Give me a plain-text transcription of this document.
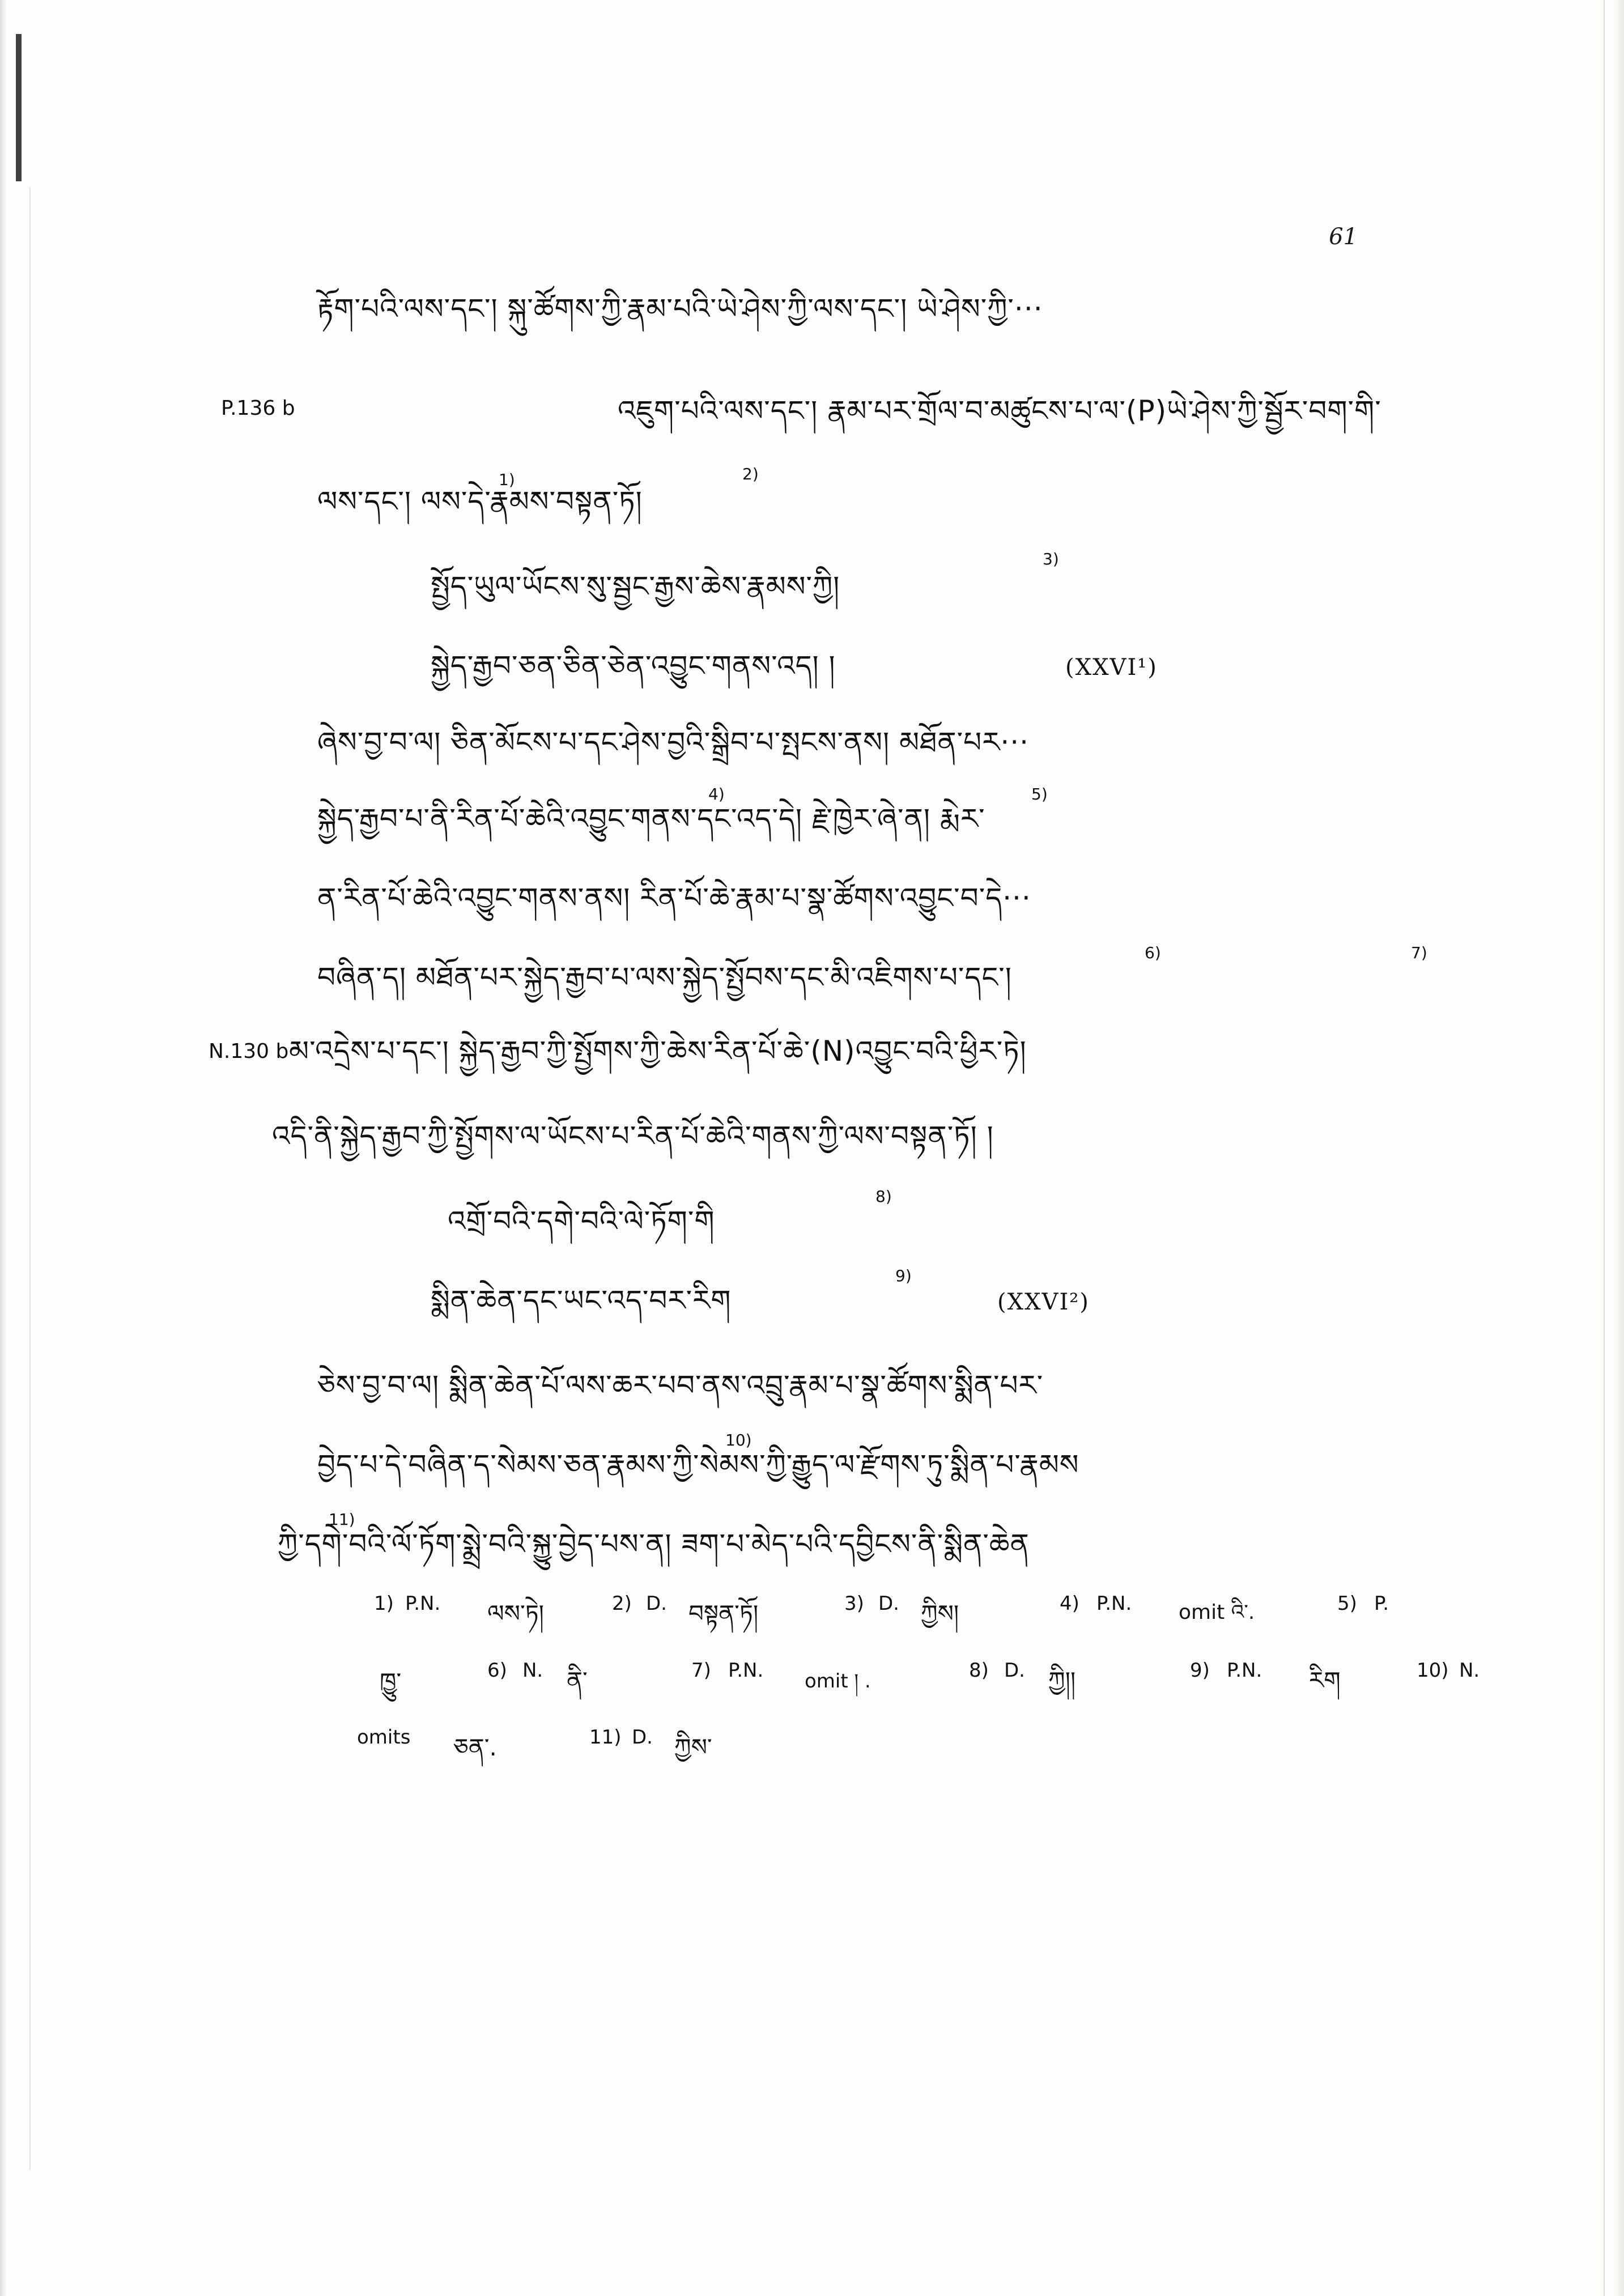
61
P.136 b
N.130 b
རྟོག་པའི་ལས་དང་། སྐུ་ཚོགས་ཀྱི་རྣམ་པའི་ཡེ་ཤེས་ཀྱི་ལས་དང་། ཡེ་ཤེས་ཀྱི་···
འཇུག་པའི་ལས་དང་། རྣམ་པར་གྲོལ་བ་མཚུངས་པ་ལ་(P)ཡེ་ཤེས་ཀྱི་སྦྱོར་བག་གི་
ལས་དང་། ལས་དེ་རྣམས་བསྟན་ཏོ།
1)	2)
སྤྱོད་ཡུལ་ཡོངས་སུ་སྦྱང་རྒྱས་ཆེས་རྣམས་ཀྱི།
3)
སྐྱེད་རྒྱབ་ཅན་ཅིན་ཅེན་འབྱུང་གནས་འད། །	(XXVI¹)
ཞེས་བྱ་བ་ལ། ཅིན་མོངས་པ་དང་ཤེས་བྱའི་སྒྲིབ་པ་སྤངས་ནས། མཐོན་པར···
སྐྱེད་རྒྱབ་པ་ནི་རིན་པོ་ཆེའི་འབྱུང་གནས་དང་འད་དེ། རྗེ་ཁྱེར་ཞེ་ན། རྨེར་
4)	5)
ན་རིན་པོ་ཆེའི་འབྱུང་གནས་ནས། རིན་པོ་ཆེ་རྣམ་པ་སྣ་ཚོགས་འབྱུང་བ་དེ···
བཞིན་ད། མཐོན་པར་སྐྱེད་རྒྱབ་པ་ལས་སྐྱེད་སྤྱོབས་དང་མི་འཇིགས་པ་དང་།
6)	7)
མ་འདྲེས་པ་དང་། སྐྱེད་རྒྱབ་ཀྱི་སྤྱོགས་ཀྱི་ཆེས་རིན་པོ་ཆེ་(N)འབྱུང་བའི་ཕྱིར་ཏེ།
འདི་ནི་སྐྱེད་རྒྱབ་ཀྱི་སྤྱོགས་ལ་ཡོངས་པ་རིན་པོ་ཆེའི་གནས་ཀྱི་ལས་བསྟན་ཏོ། །
འགྲོ་བའི་དགེ་བའི་ལེ་ཏོག་གི
8)
སྨིན་ཆེན་དང་ཡང་འད་བར་རིག
9)
(XXVI²)
ཅེས་བྱ་བ་ལ། སྨིན་ཆེན་པོ་ལས་ཆར་པབ་ནས་འབྲུ་རྣམ་པ་སྣ་ཚོགས་སྨིན་པར་
བྱེད་པ་དེ་བཞིན་ད་སེམས་ཅན་རྣམས་ཀྱི་སེམས་ཀྱི་རྒྱུད་ལ་རྫོགས་ཏུ་སྨིན་པ་རྣམས
10)
ཀྱི་དགེ་བའི་ལོ་ཏོག་སྨྲེ་བའི་སྐྱུ་བྱེད་པས་ན། ཟག་པ་མེད་པའི་དབྱིངས་ནི་སྨིན་ཆེན
11)
1) P.N. ལས་ཏེ།	2) D. བསྟན་ཏོ།	3) D. ཀྱིས།	4) P.N. omit འི་.	5) P.
ཁྱུ་	6) N. ནི་	7) P.N. omit ། .	8) D. ཀྱི།།	9) P.N. རིག	10) N.
omits ཅན་.	11) D. ཀྱིས་
